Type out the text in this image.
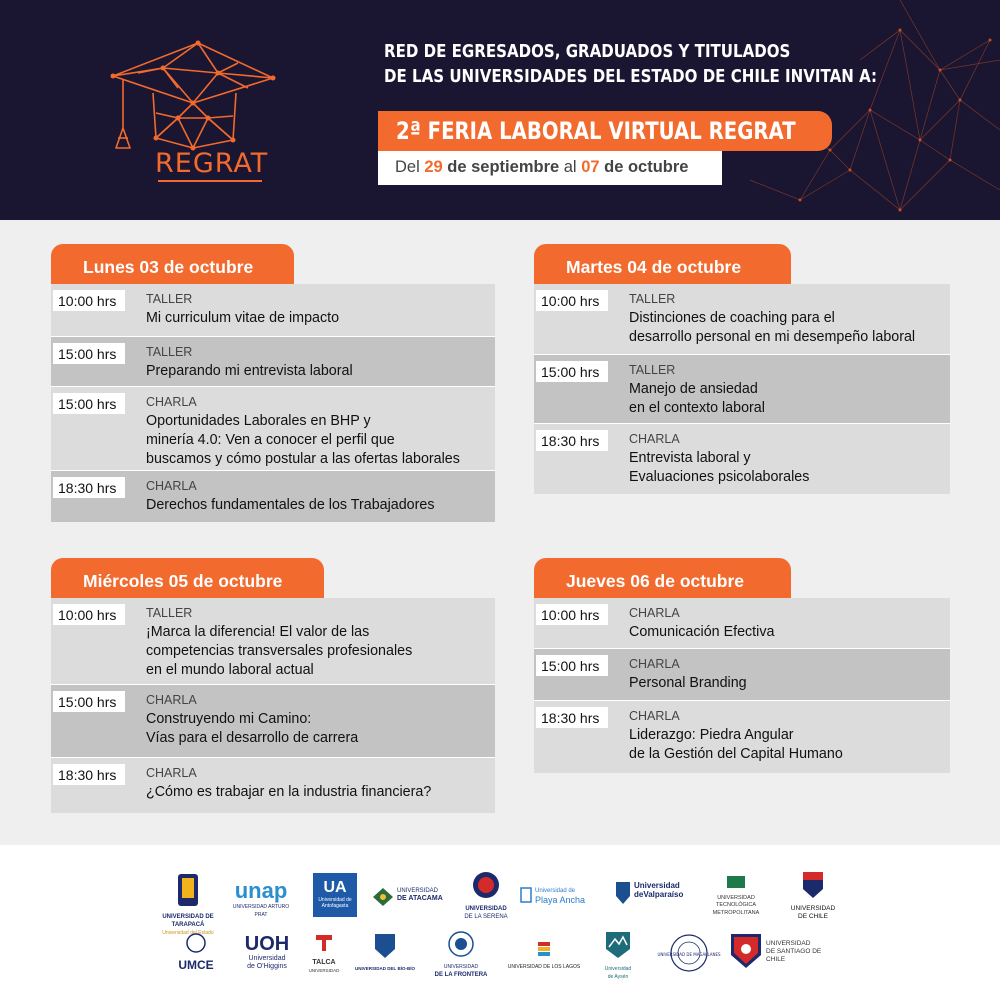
REGRAT
RED DE EGRESADOS, GRADUADOS Y TITULADOS
DE LAS UNIVERSIDADES DEL ESTADO DE CHILE INVITAN A:
2ª FERIA LABORAL VIRTUAL REGRAT
Del 29 de septiembre al 07 de octubre
Lunes 03 de octubre
10:00 hrs	TALLER
Mi curriculum vitae de impacto
15:00 hrs	TALLER
Preparando mi entrevista laboral
15:00 hrs	CHARLA
Oportunidades Laborales en BHP y
minería 4.0: Ven a conocer el perfil que
buscamos y cómo postular a las ofertas laborales
18:30 hrs	CHARLA
Derechos fundamentales de los Trabajadores
Martes 04 de octubre
10:00 hrs	TALLER
Distinciones de coaching para el
desarrollo personal en mi desempeño laboral
15:00 hrs	TALLER
Manejo de ansiedad
en el contexto laboral
18:30 hrs	CHARLA
Entrevista laboral y
Evaluaciones psicolaborales
Miércoles 05 de octubre
10:00 hrs	TALLER
¡Marca la diferencia! El valor de las
competencias transversales profesionales
en el mundo laboral actual
15:00 hrs	CHARLA
Construyendo mi Camino:
Vías para el desarrollo de carrera
18:30 hrs	CHARLA
¿Cómo es trabajar en la industria financiera?
Jueves 06 de octubre
10:00 hrs	CHARLA
Comunicación Efectiva
15:00 hrs	CHARLA
Personal Branding
18:30 hrs	CHARLA
Liderazgo: Piedra Angular
de la Gestión del Capital Humano
UNIVERSIDAD DE TARAPACÁ
Universidad del Estado
unap
UNIVERSIDAD ARTURO PRAT
UA
Universidad de Antofagasta
UNIVERSIDAD
DE ATACAMA
UNIVERSIDAD
DE LA SERENA
Universidad de
Playa Ancha
Universidad
deValparaíso	UNIVERSIDAD TECNOLÓGICA
METROPOLITANA
UNIVERSIDAD
DE CHILE
UMCE
UOH
Universidad
de O'Higgins
TALCA
UNIVERSIDAD	UNIVERSIDAD DEL BÍO-BÍO	UNIVERSIDAD
DE LA FRONTERA
UNIVERSIDAD DE LOS LAGOS	Universidad
de Aysén
UNIVERSIDAD DE MAGALLANES
UNIVERSIDAD
DE SANTIAGO DE CHILE
